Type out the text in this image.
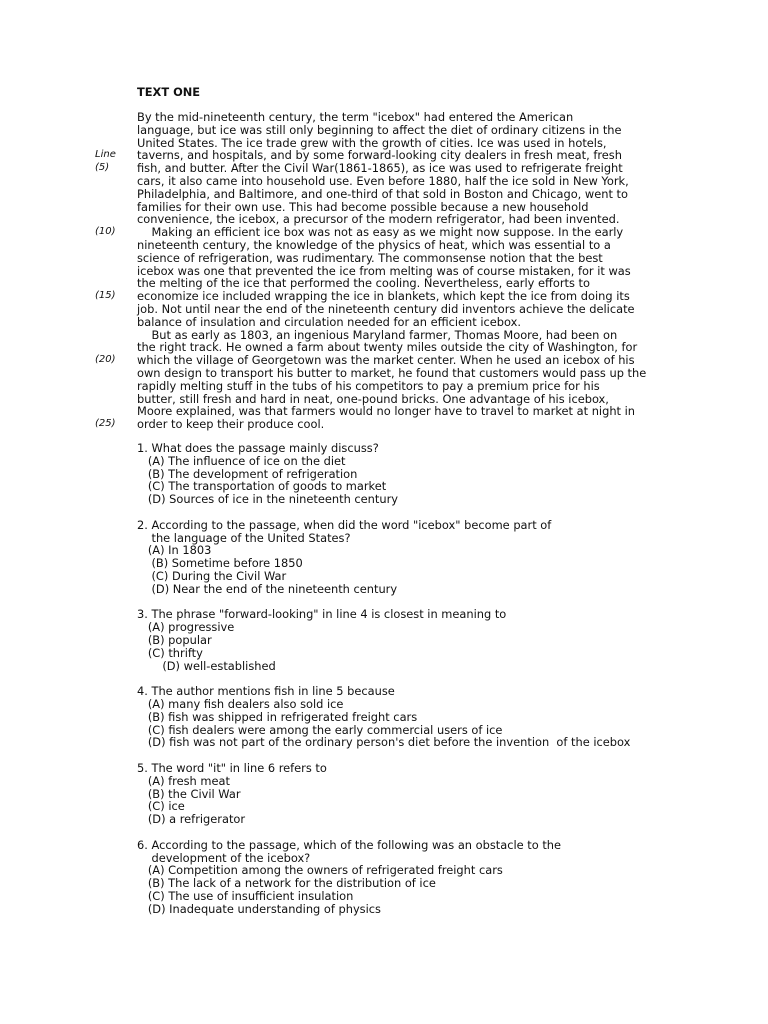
TEXT ONE
By the mid-nineteenth century, the term "icebox" had entered the American
language, but ice was still only beginning to affect the diet of ordinary citizens in the
United States. The ice trade grew with the growth of cities. Ice was used in hotels,
taverns, and hospitals, and by some forward-looking city dealers in fresh meat, fresh
fish, and butter. After the Civil War(1861-1865), as ice was used to refrigerate freight
cars, it also came into household use. Even before 1880, half the ice sold in New York,
Philadelphia, and Baltimore, and one-third of that sold in Boston and Chicago, went to
families for their own use. This had become possible because a new household
convenience, the icebox, a precursor of the modern refrigerator, had been invented.
Making an efficient ice box was not as easy as we might now suppose. In the early
nineteenth century, the knowledge of the physics of heat, which was essential to a
science of refrigeration, was rudimentary. The commonsense notion that the best
icebox was one that prevented the ice from melting was of course mistaken, for it was
the melting of the ice that performed the cooling. Nevertheless, early efforts to
economize ice included wrapping the ice in blankets, which kept the ice from doing its
job. Not until near the end of the nineteenth century did inventors achieve the delicate
balance of insulation and circulation needed for an efficient icebox.
But as early as 1803, an ingenious Maryland farmer, Thomas Moore, had been on
the right track. He owned a farm about twenty miles outside the city of Washington, for
which the village of Georgetown was the market center. When he used an icebox of his
own design to transport his butter to market, he found that customers would pass up the
rapidly melting stuff in the tubs of his competitors to pay a premium price for his
butter, still fresh and hard in neat, one-pound bricks. One advantage of his icebox,
Moore explained, was that farmers would no longer have to travel to market at night in
order to keep their produce cool.
Line
(5)
(10)
(15)
(20)
(25)
1. What does the passage mainly discuss?
(A) The influence of ice on the diet
(B) The development of refrigeration
(C) The transportation of goods to market
(D) Sources of ice in the nineteenth century
2. According to the passage, when did the word "icebox" become part of
the language of the United States?
(A) In 1803
(B) Sometime before 1850
(C) During the Civil War
(D) Near the end of the nineteenth century
3. The phrase "forward-looking" in line 4 is closest in meaning to
(A) progressive
(B) popular
(C) thrifty
(D) well-established
4. The author mentions fish in line 5 because
(A) many fish dealers also sold ice
(B) fish was shipped in refrigerated freight cars
(C) fish dealers were among the early commercial users of ice
(D) fish was not part of the ordinary person's diet before the invention  of the icebox
5. The word "it" in line 6 refers to
(A) fresh meat
(B) the Civil War
(C) ice
(D) a refrigerator
6. According to the passage, which of the following was an obstacle to the
development of the icebox?
(A) Competition among the owners of refrigerated freight cars
(B) The lack of a network for the distribution of ice
(C) The use of insufficient insulation
(D) Inadequate understanding of physics
